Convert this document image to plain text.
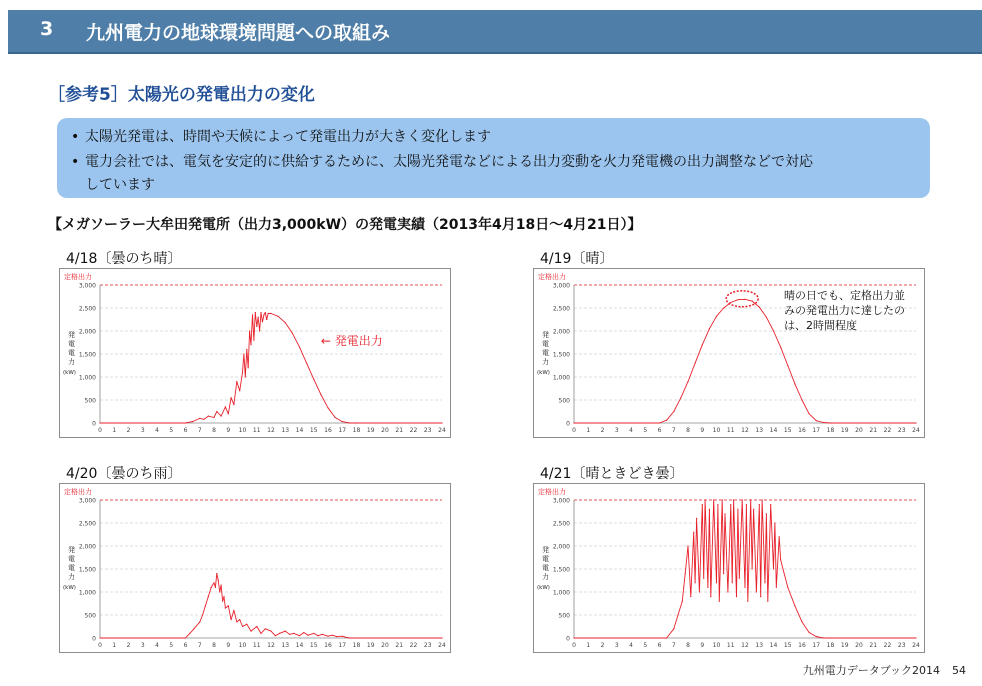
3 九州電力の地球環境問題への取組み
［参考5］太陽光の発電出力の変化
• 太陽光発電は、時間や天候によって発電出力が大きく変化します
• 電力会社では、電気を安定的に供給するために、太陽光発電などによる出力変動を火力発電機の出力調整などで対応
しています
【メガソーラー大牟田発電所（出力3,000kW）の発電実績（2013年4月18日～4月21日）】
4/18〔曇のち晴〕
定格出力
発
電
電
力
(kW)
0
500
1,000
1,500
2,000
2,500
3,000
0 1 2 3 4 5 6 7 8 9 10 11 12 13 14 15 16 17 18 19 20 21 22 23 24
← 発電出力
4/19〔晴〕
定格出力
発
電
電
力
(kW)
0
500
1,000
1,500
2,000
2,500
3,000
0 1 2 3 4 5 6 7 8 9 10 11 12 13 14 15 16 17 18 19 20 21 22 23 24
晴の日でも、定格出力並
みの発電出力に達したの
は、2時間程度
4/20〔曇のち雨〕
定格出力
発
電
電
力
(kW)
0
500
1,000
1,500
2,000
2,500
3,000
0 1 2 3 4 5 6 7 8 9 10 11 12 13 14 15 16 17 18 19 20 21 22 23 24
4/21〔晴ときどき曇〕
定格出力
発
電
電
力
(kW)
0
500
1,000
1,500
2,000
2,500
3,000
0 1 2 3 4 5 6 7 8 9 10 11 12 13 14 15 16 17 18 19 20 21 22 23 24
九州電力データブック2014 54
